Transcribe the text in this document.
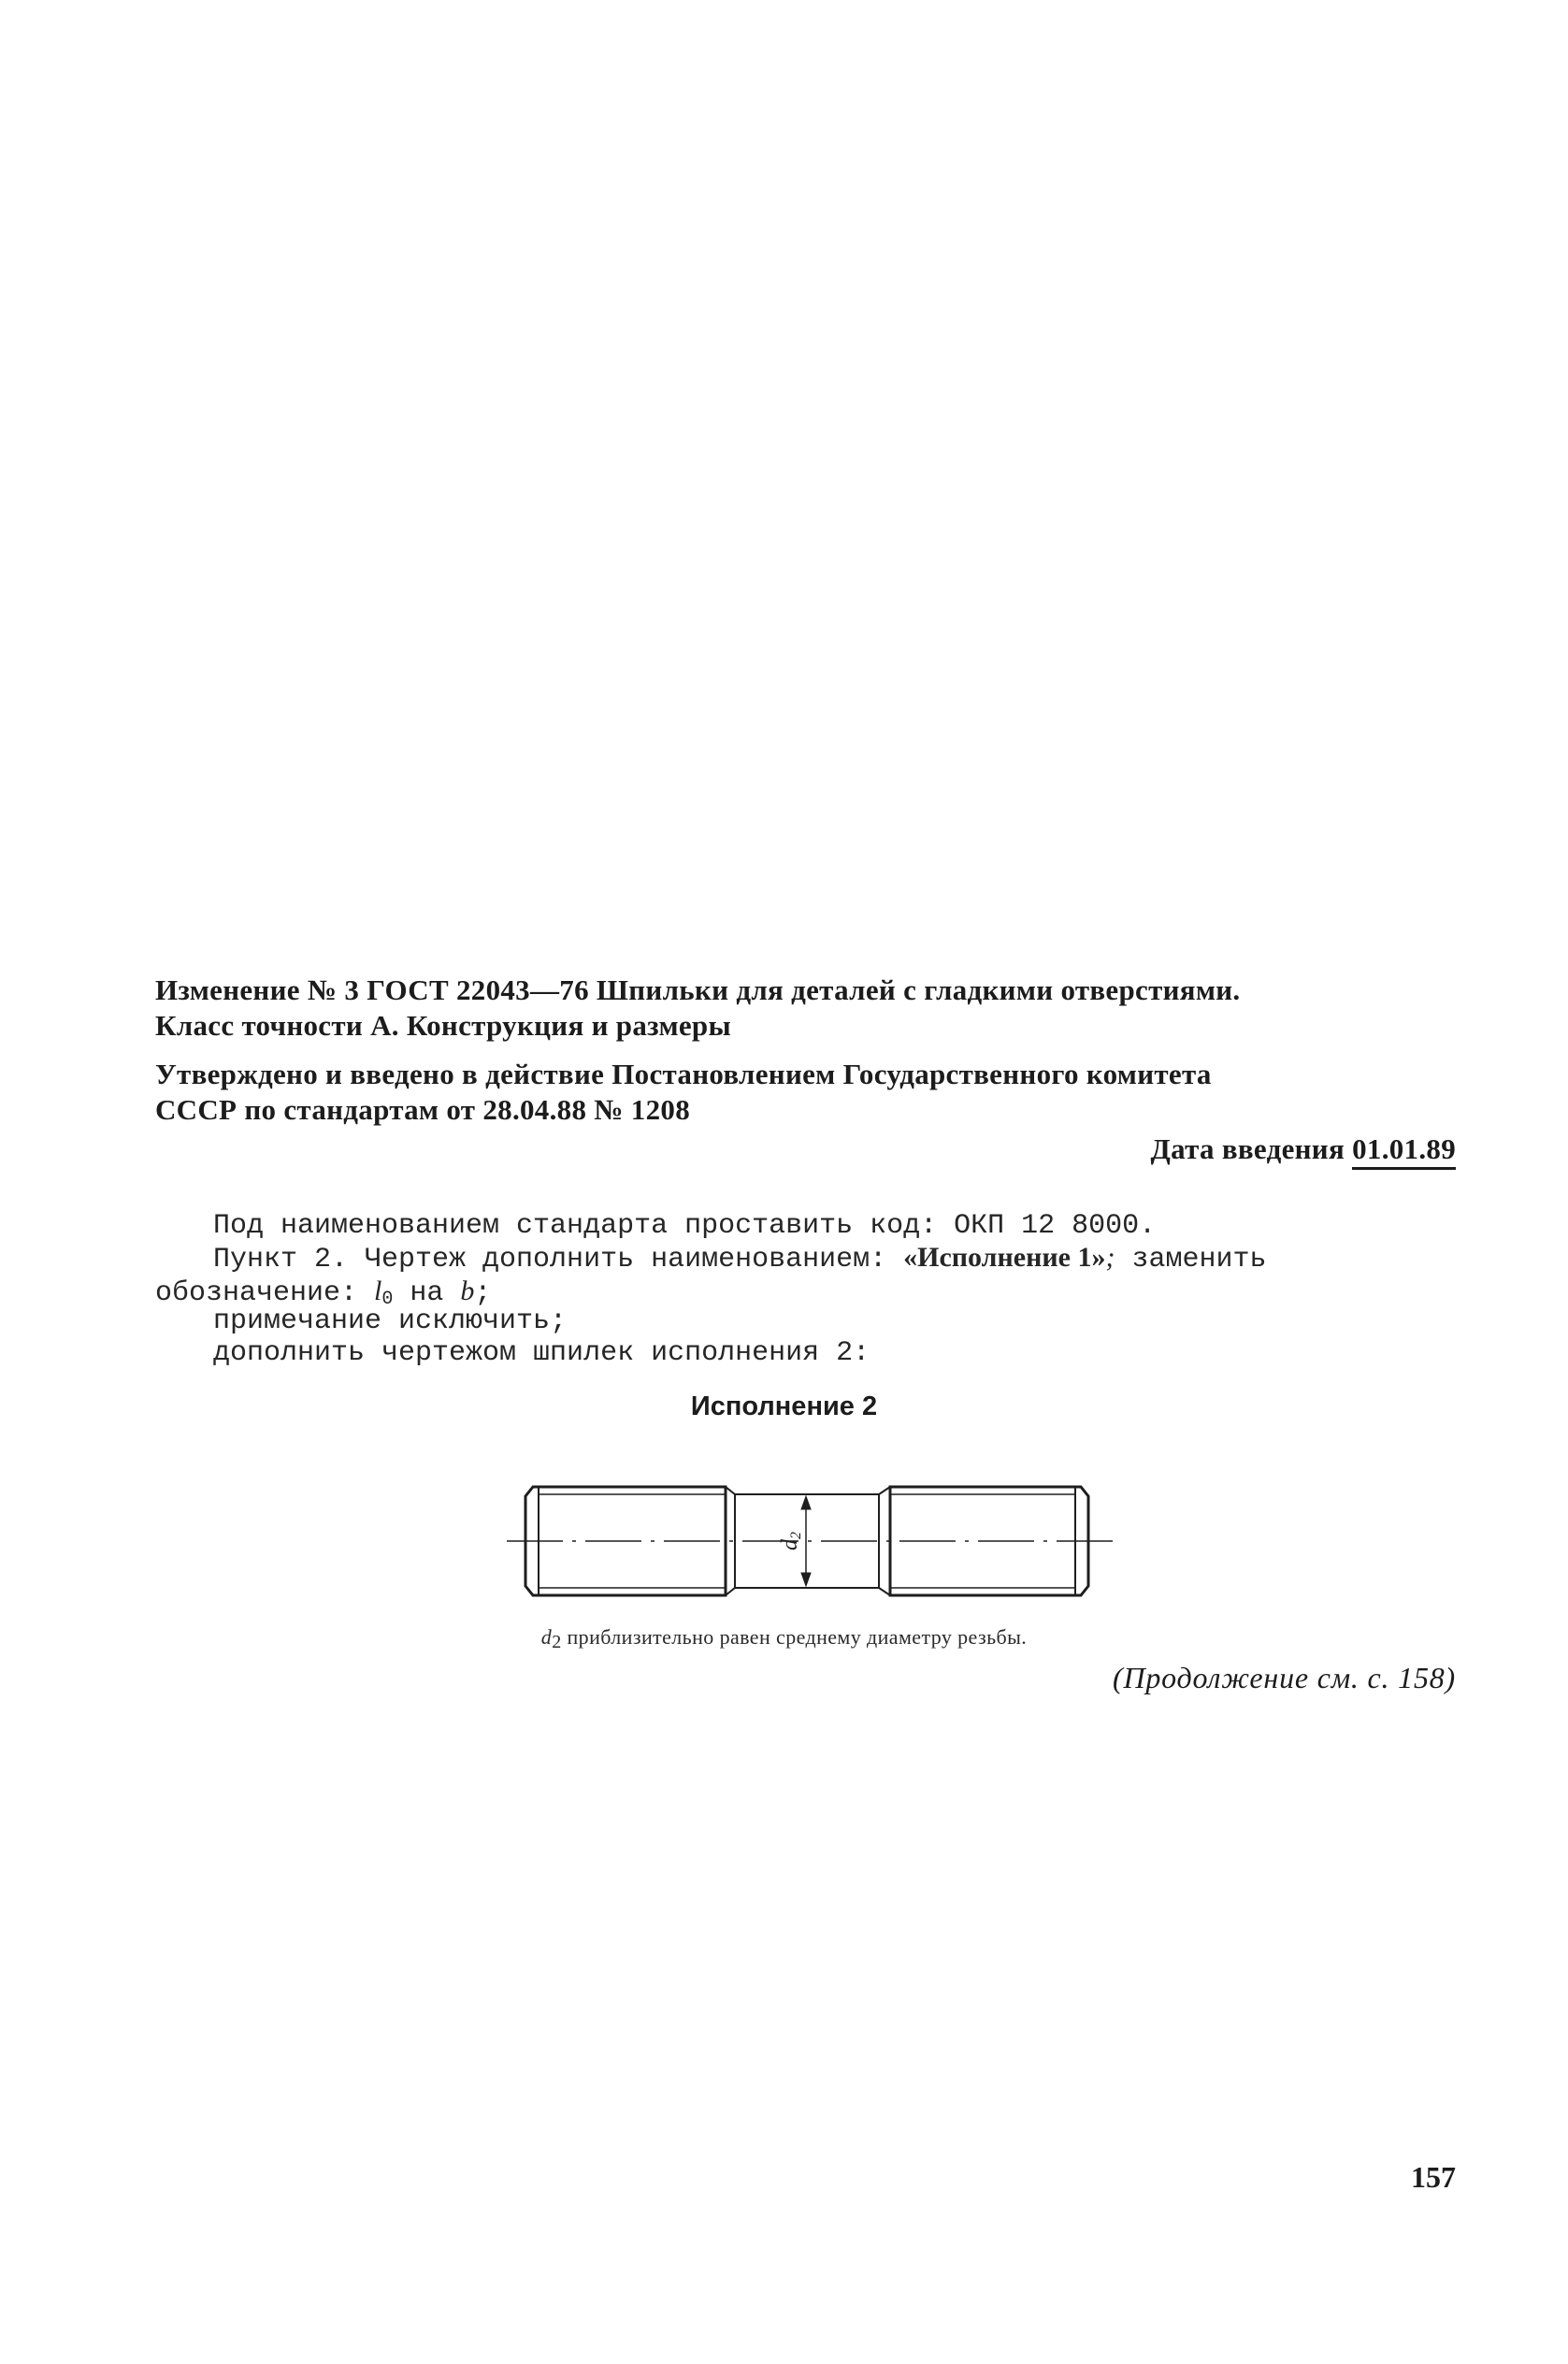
Изменение № 3 ГОСТ 22043—76 Шпильки для деталей с гладкими отверстиями.
Класс точности А. Конструкция и размеры
Утверждено и введено в действие Постановлением Государственного комитета
СССР по стандартам от 28.04.88 № 1208
Дата введения 01.01.89

Под наименованием стандарта проставить код: ОКП 12 8000.

Пункт 2. Чертеж дополнить наименованием: «Исполнение 1»; заменить обозначение: $l_0$ на b;

примечание исключить;

дополнить чертежом шпилек исполнения 2:

Исполнение 2
d2
d2 приблизительно равен среднему диаметру резьбы.
(Продолжение см. с. 158)
157
